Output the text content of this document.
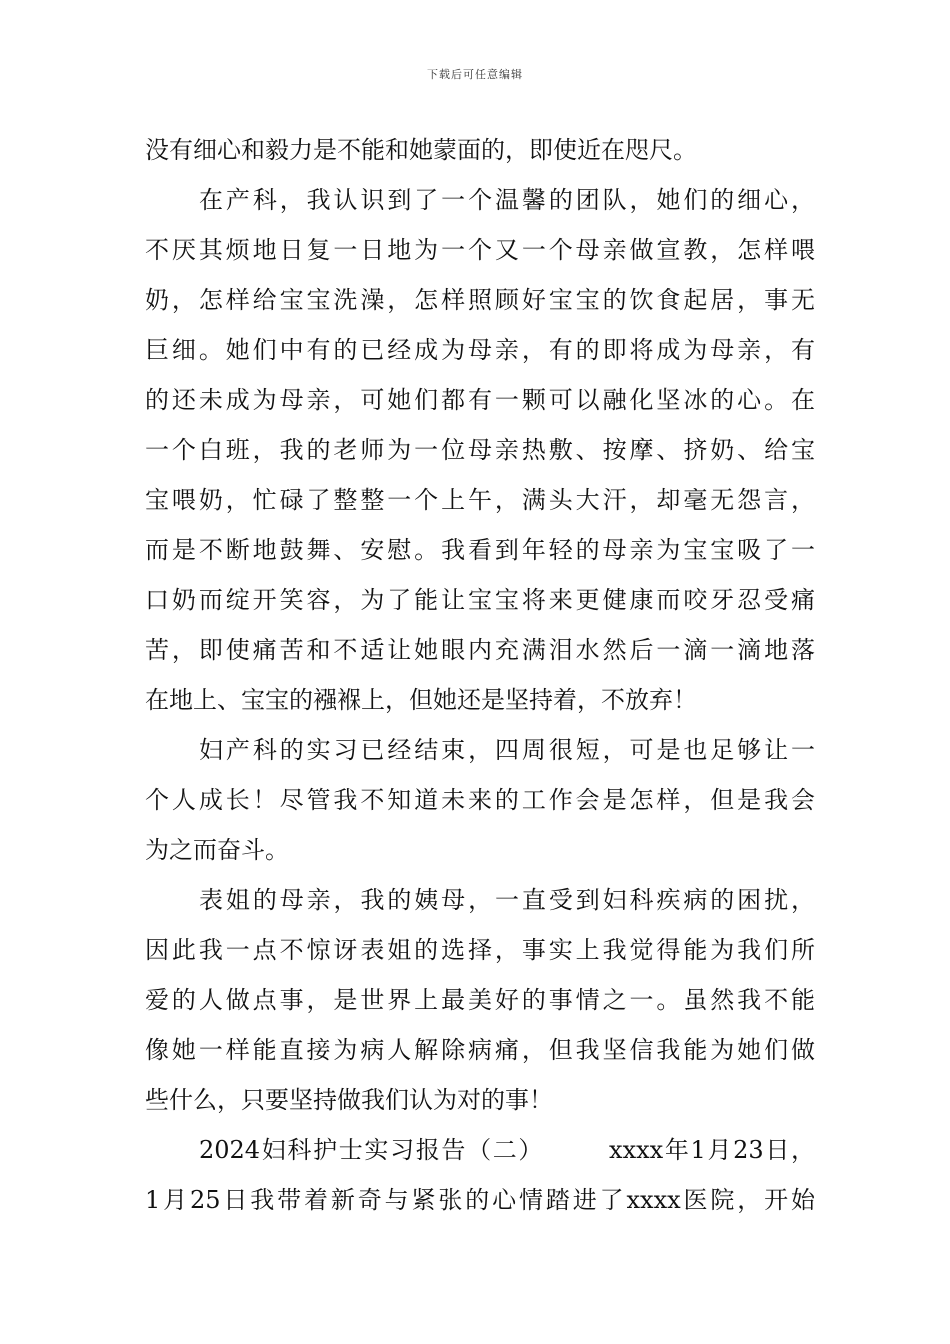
下载后可任意编辑
没有细心和毅力是不能和她蒙面的，即使近在咫尺。
在产科，我认识到了一个温馨的团队，她们的细心，
不厌其烦地日复一日地为一个又一个母亲做宣教，怎样喂
奶，怎样给宝宝洗澡，怎样照顾好宝宝的饮食起居，事无
巨细。她们中有的已经成为母亲，有的即将成为母亲，有
的还未成为母亲，可她们都有一颗可以融化坚冰的心。在
一个白班，我的老师为一位母亲热敷、按摩、挤奶、给宝
宝喂奶，忙碌了整整一个上午，满头大汗，却毫无怨言，
而是不断地鼓舞、安慰。我看到年轻的母亲为宝宝吸了一
口奶而绽开笑容，为了能让宝宝将来更健康而咬牙忍受痛
苦，即使痛苦和不适让她眼内充满泪水然后一滴一滴地落
在地上、宝宝的襁褓上，但她还是坚持着，不放弃！
妇产科的实习已经结束，四周很短，可是也足够让一
个人成长！尽管我不知道未来的工作会是怎样，但是我会
为之而奋斗。
表姐的母亲，我的姨母，一直受到妇科疾病的困扰，
因此我一点不惊讶表姐的选择，事实上我觉得能为我们所
爱的人做点事，是世界上最美好的事情之一。虽然我不能
像她一样能直接为病人解除病痛，但我坚信我能为她们做
些什么，只要坚持做我们认为对的事！
2024妇科护士实习报告（二）　　　xxxx年1月23日，
1月25日我带着新奇与紧张的心情踏进了xxxx医院，开始
